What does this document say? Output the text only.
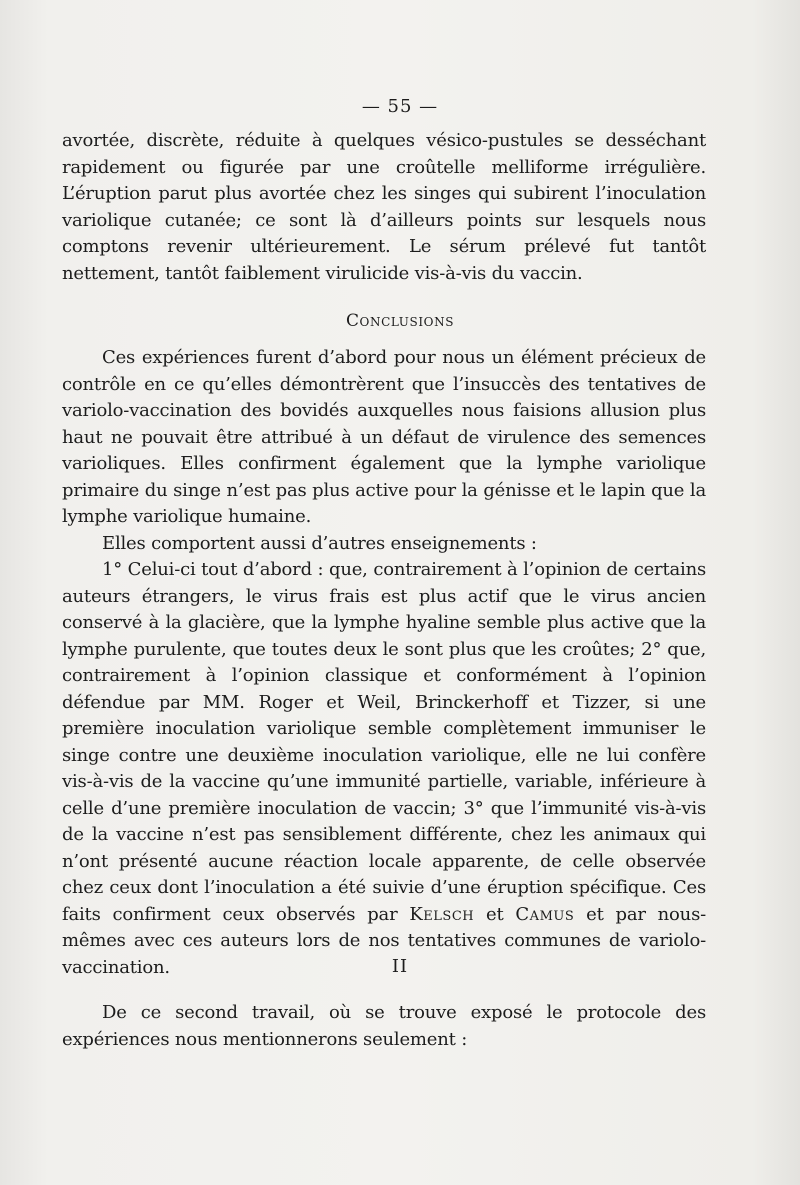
— 55 —

avortée, discrète, réduite à quelques vésico-pustules se desséchant rapidement ou figurée par une croûtelle melliforme irrégulière. L’éruption parut plus avortée chez les singes qui subirent l’inoculation variolique cutanée; ce sont là d’ailleurs points sur lesquels nous comptons revenir ultérieurement. Le sérum prélevé fut tantôt nettement, tantôt faiblement virulicide vis-à-vis du vaccin.

Conclusions

Ces expériences furent d’abord pour nous un élément précieux de contrôle en ce qu’elles démontrèrent que l’insuccès des tentatives de variolo-vaccination des bovidés auxquelles nous faisions allusion plus haut ne pouvait être attribué à un défaut de virulence des semences varioliques. Elles confirment également que la lymphe variolique primaire du singe n’est pas plus active pour la génisse et le lapin que la lymphe variolique humaine.

Elles comportent aussi d’autres enseignements :

1° Celui-ci tout d’abord : que, contrairement à l’opinion de certains auteurs étrangers, le virus frais est plus actif que le virus ancien conservé à la glacière, que la lymphe hyaline semble plus active que la lymphe purulente, que toutes deux le sont plus que les croûtes; 2° que, contrairement à l’opinion classique et conformément à l’opinion défendue par MM. Roger et Weil, Brinckerhoff et Tizzer, si une première inoculation variolique semble complètement immuniser le singe contre une deuxième inoculation variolique, elle ne lui confère vis-à-vis de la vaccine qu’une immunité partielle, variable, inférieure à celle d’une première inoculation de vaccin; 3° que l’immunité vis-à-vis de la vaccine n’est pas sensiblement différente, chez les animaux qui n’ont présenté aucune réaction locale apparente, de celle observée chez ceux dont l’inoculation a été suivie d’une éruption spécifique. Ces faits confirment ceux observés par Kelsch et Camus et par nous-mêmes avec ces auteurs lors de nos tentatives communes de variolo-vaccination.	II

De ce second travail, où se trouve exposé le protocole des expériences nous mentionnerons seulement :
